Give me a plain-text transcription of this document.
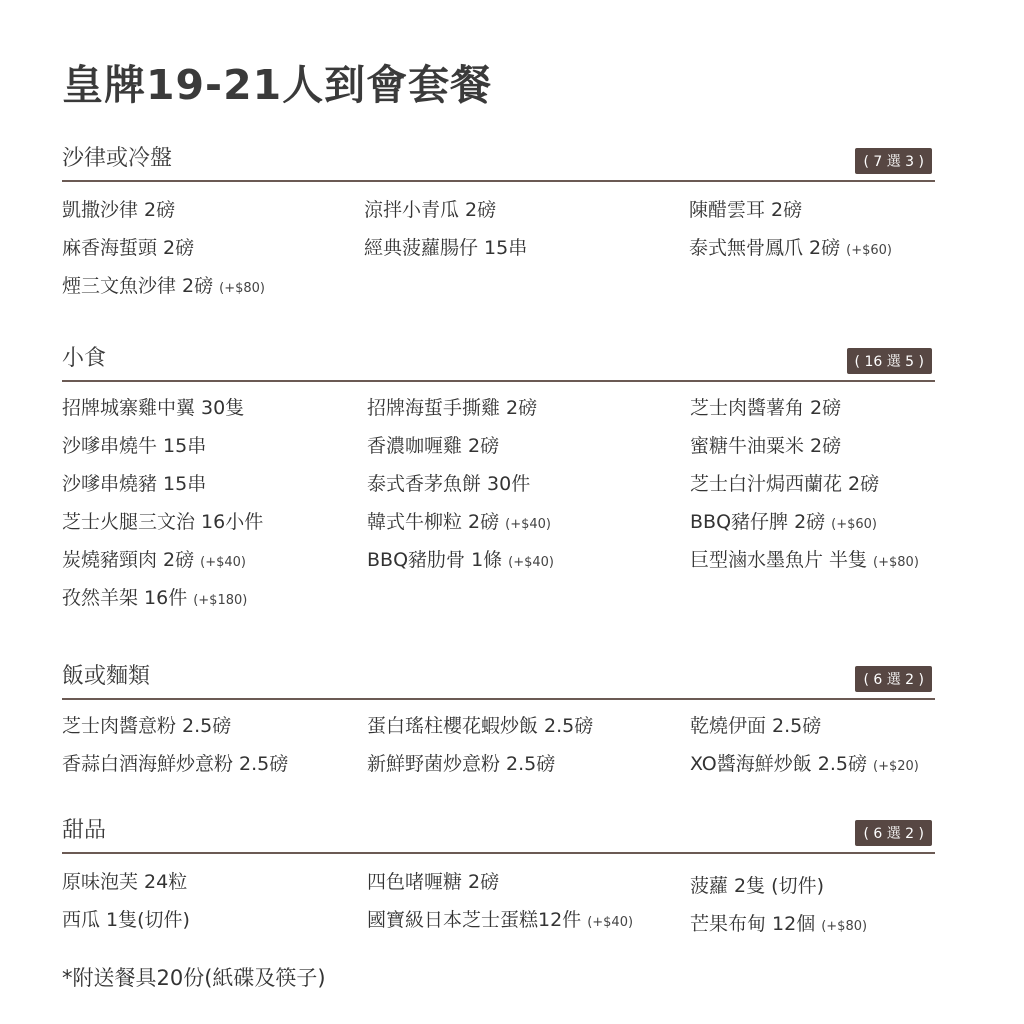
皇牌19-21人到會套餐
沙律或冷盤	( 7 選 3 )
凱撒沙律 2磅	涼拌小青瓜 2磅	陳醋雲耳 2磅
麻香海蜇頭 2磅	經典菠蘿腸仔 15串	泰式無骨鳳爪 2磅 (+$60)
煙三文魚沙律 2磅 (+$80)
小食	( 16 選 5 )
招牌城寨雞中翼 30隻	招牌海蜇手撕雞 2磅	芝士肉醬薯角 2磅
沙嗲串燒牛 15串	香濃咖喱雞 2磅	蜜糖牛油粟米 2磅
沙嗲串燒豬 15串	泰式香茅魚餅 30件	芝士白汁焗西蘭花 2磅
芝士火腿三文治 16小件	韓式牛柳粒 2磅 (+$40)	BBQ豬仔脾 2磅 (+$60)
炭燒豬頸肉 2磅 (+$40)	BBQ豬肋骨 1條 (+$40)	巨型滷水墨魚片 半隻 (+$80)
孜然羊架 16件 (+$180)
飯或麵類	( 6 選 2 )
芝士肉醬意粉 2.5磅	蛋白瑤柱櫻花蝦炒飯 2.5磅	乾燒伊面 2.5磅
香蒜白酒海鮮炒意粉 2.5磅	新鮮野菌炒意粉 2.5磅	XO醬海鮮炒飯 2.5磅 (+$20)
甜品	( 6 選 2 )
原味泡芙 24粒	四色啫喱糖 2磅	菠蘿 2隻 (切件)
西瓜 1隻(切件)	國寶級日本芝士蛋糕12件 (+$40)	芒果布甸 12個 (+$80)
*附送餐具20份(紙碟及筷子)
